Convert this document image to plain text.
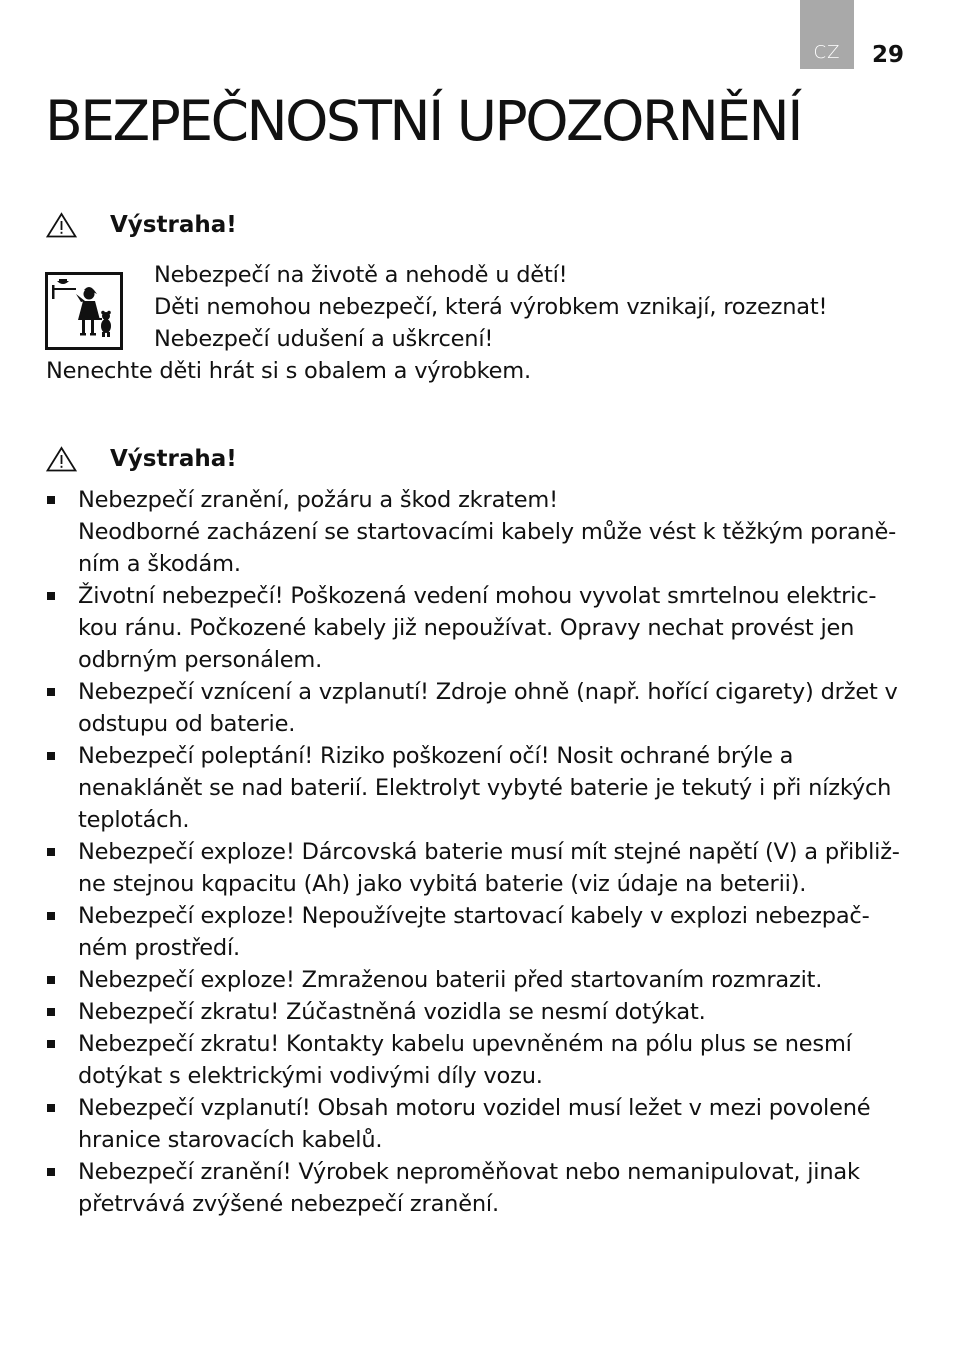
CZ	29
BEZPEČNOSTNÍ UPOZORNĚNÍ
Výstraha!
Nebezpečí na životě a nehodě u dětí!
Děti nemohou nebezpečí, která výrobkem vznikají, rozeznat!
Nebezpečí udušení a uškrcení!
Nenechte děti hrát si s obalem a výrobkem.
Výstraha!
Nebezpečí zranění, požáru a škod zkratem!
Neodborné zacházení se startovacími kabely může vést k těžkým poraně-
ním a škodám.
Životní nebezpečí! Poškozená vedení mohou vyvolat smrtelnou elektric-
kou ránu. Počkozené kabely již nepoužívat. Opravy nechat provést jen
odbrným personálem.
Nebezpečí vznícení a vzplanutí! Zdroje ohně (např. hořící cigarety) držet v
odstupu od baterie.
Nebezpečí poleptání! Riziko poškození očí! Nosit ochrané brýle a
nenaklánět se nad baterií. Elektrolyt vybyté baterie je tekutý i při nízkých
teplotách.
Nebezpečí exploze! Dárcovská baterie musí mít stejné napětí (V) a přibliž-
ne stejnou kqpacitu (Ah) jako vybitá baterie (viz údaje na beterii).
Nebezpečí exploze! Nepoužívejte startovací kabely v explozi nebezpač-
ném prostředí.
Nebezpečí exploze! Zmraženou baterii před startovaním rozmrazit.
Nebezpečí zkratu! Zúčastněná vozidla se nesmí dotýkat.
Nebezpečí zkratu! Kontakty kabelu upevněném na pólu plus se nesmí
dotýkat s elektrickými vodivými díly vozu.
Nebezpečí vzplanutí! Obsah motoru vozidel musí ležet v mezi povolené
hranice starovacích kabelů.
Nebezpečí zranění! Výrobek neproměňovat nebo nemanipulovat, jinak
přetrvává zvýšené nebezpečí zranění.
